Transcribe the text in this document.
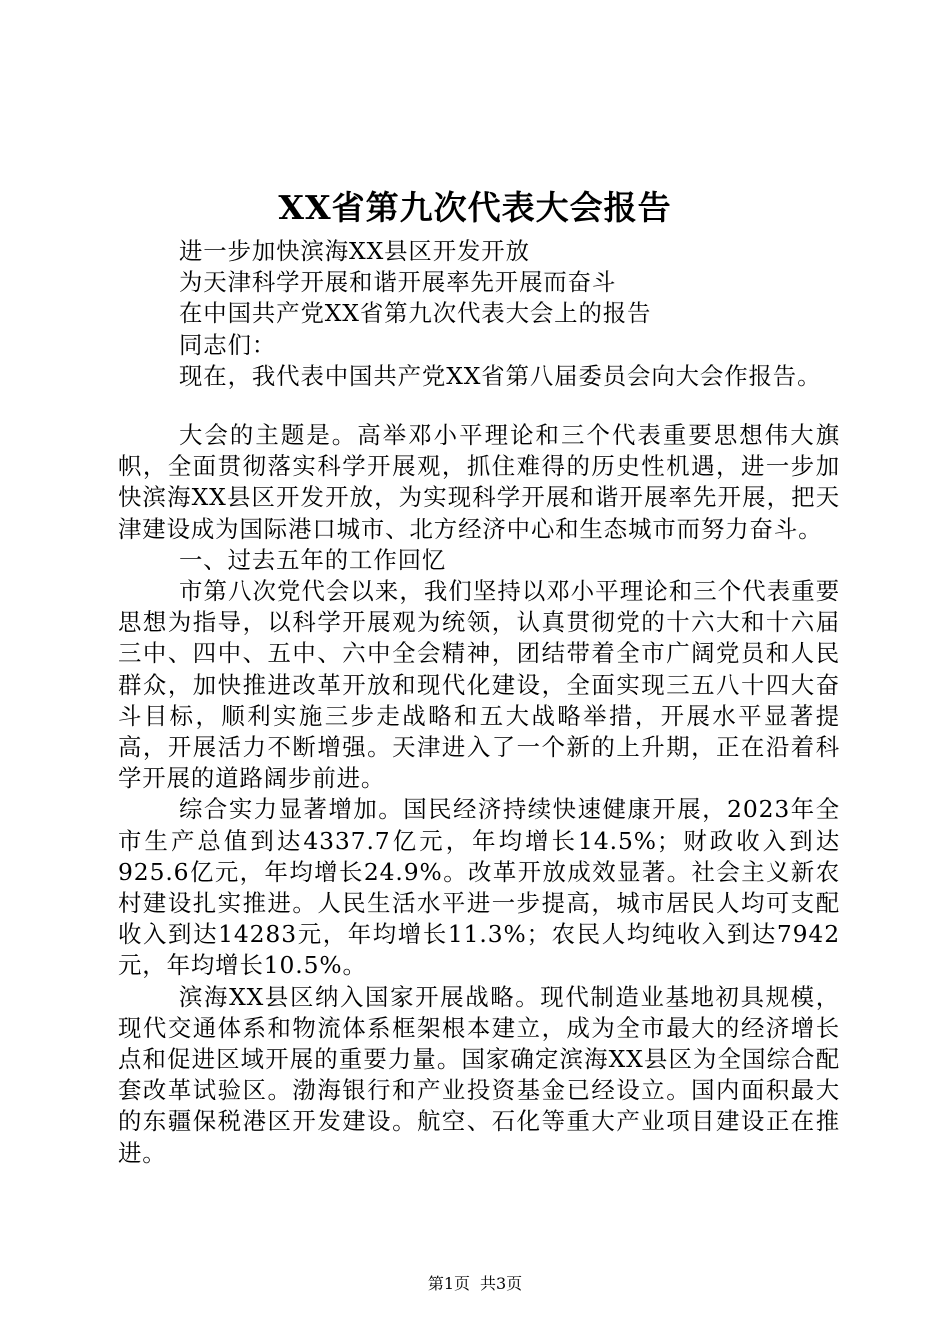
XX省第九次代表大会报告

进一步加快滨海XX县区开发开放

为天津科学开展和谐开展率先开展而奋斗

在中国共产党XX省第九次代表大会上的报告

同志们：

现在，我代表中国共产党XX省第八届委员会向大会作报告。

大会的主题是。高举邓小平理论和三个代表重要思想伟大旗帜，全面贯彻落实科学开展观，抓住难得的历史性机遇，进一步加快滨海XX县区开发开放，为实现科学开展和谐开展率先开展，把天津建设成为国际港口城市、北方经济中心和生态城市而努力奋斗。

一、过去五年的工作回忆

市第八次党代会以来，我们坚持以邓小平理论和三个代表重要思想为指导，以科学开展观为统领，认真贯彻党的十六大和十六届三中、四中、五中、六中全会精神，团结带着全市广阔党员和人民群众，加快推进改革开放和现代化建设，全面实现三五八十四大奋斗目标，顺利实施三步走战略和五大战略举措，开展水平显著提高，开展活力不断增强。天津进入了一个新的上升期，正在沿着科学开展的道路阔步前进。

综合实力显著增加。国民经济持续快速健康开展，2023年全市生产总值到达4337.7亿元，年均增长14.5%；财政收入到达925.6亿元，年均增长24.9%。改革开放成效显著。社会主义新农村建设扎实推进。人民生活水平进一步提高，城市居民人均可支配收入到达14283元，年均增长11.3%；农民人均纯收入到达7942元，年均增长10.5%。

滨海XX县区纳入国家开展战略。现代制造业基地初具规模，现代交通体系和物流体系框架根本建立，成为全市最大的经济增长点和促进区域开展的重要力量。国家确定滨海XX县区为全国综合配套改革试验区。渤海银行和产业投资基金已经设立。国内面积最大的东疆保税港区开发建设。航空、石化等重大产业项目建设正在推进。

第1页 共3页
